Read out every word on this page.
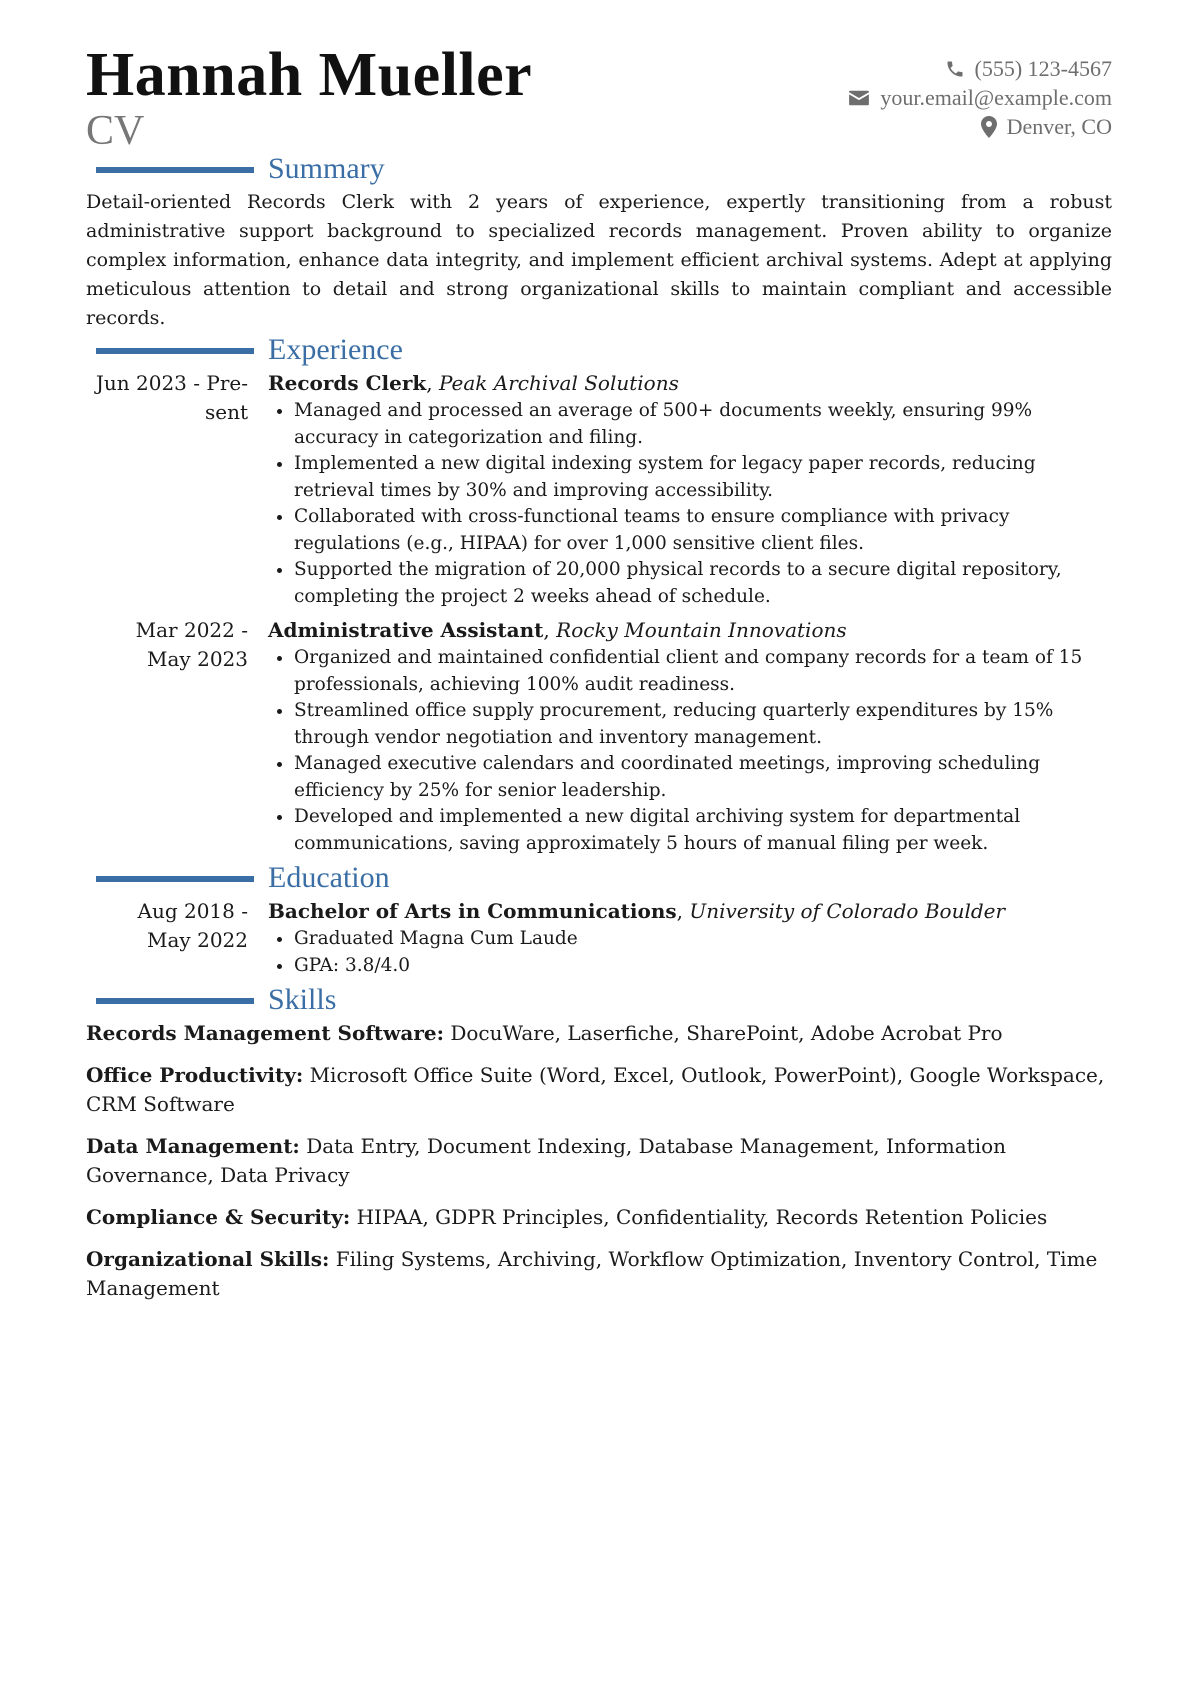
Hannah Mueller
CV
(555) 123-4567
your.email@example.com
Denver, CO
Summary

Detail-oriented Records Clerk with 2 years of experience, expertly transitioning from a robust administrative support background to specialized records management. Proven ability to organize complex information, enhance data integrity, and implement efficient archival systems. Adept at applying meticulous attention to detail and strong organizational skills to maintain compliant and accessible records.

Experience
Jun 2023 - Pre-
sent
Records Clerk, Peak Archival Solutions
• Managed and processed an average of 500+ documents weekly, ensuring 99% accuracy in categorization and filing.
• Implemented a new digital indexing system for legacy paper records, reducing retrieval times by 30% and improving accessibility.
• Collaborated with cross-functional teams to ensure compliance with privacy regulations (e.g., HIPAA) for over 1,000 sensitive client files.
• Supported the migration of 20,000 physical records to a secure digital repository, completing the project 2 weeks ahead of schedule.
Mar 2022 -
May 2023
Administrative Assistant, Rocky Mountain Innovations
• Organized and maintained confidential client and company records for a team of 15 professionals, achieving 100% audit readiness.
• Streamlined office supply procurement, reducing quarterly expenditures by 15% through vendor negotiation and inventory management.
• Managed executive calendars and coordinated meetings, improving scheduling efficiency by 25% for senior leadership.
• Developed and implemented a new digital archiving system for departmental communications, saving approximately 5 hours of manual filing per week.
Education
Aug 2018 -
May 2022
Bachelor of Arts in Communications, University of Colorado Boulder
• Graduated Magna Cum Laude
• GPA: 3.8/4.0
Skills
Records Management Software: DocuWare, Laserfiche, SharePoint, Adobe Acrobat Pro
Office Productivity: Microsoft Office Suite (Word, Excel, Outlook, PowerPoint), Google Workspace, CRM Software
Data Management: Data Entry, Document Indexing, Database Management, Information Governance, Data Privacy
Compliance & Security: HIPAA, GDPR Principles, Confidentiality, Records Retention Policies
Organizational Skills: Filing Systems, Archiving, Workflow Optimization, Inventory Control, Time Management
